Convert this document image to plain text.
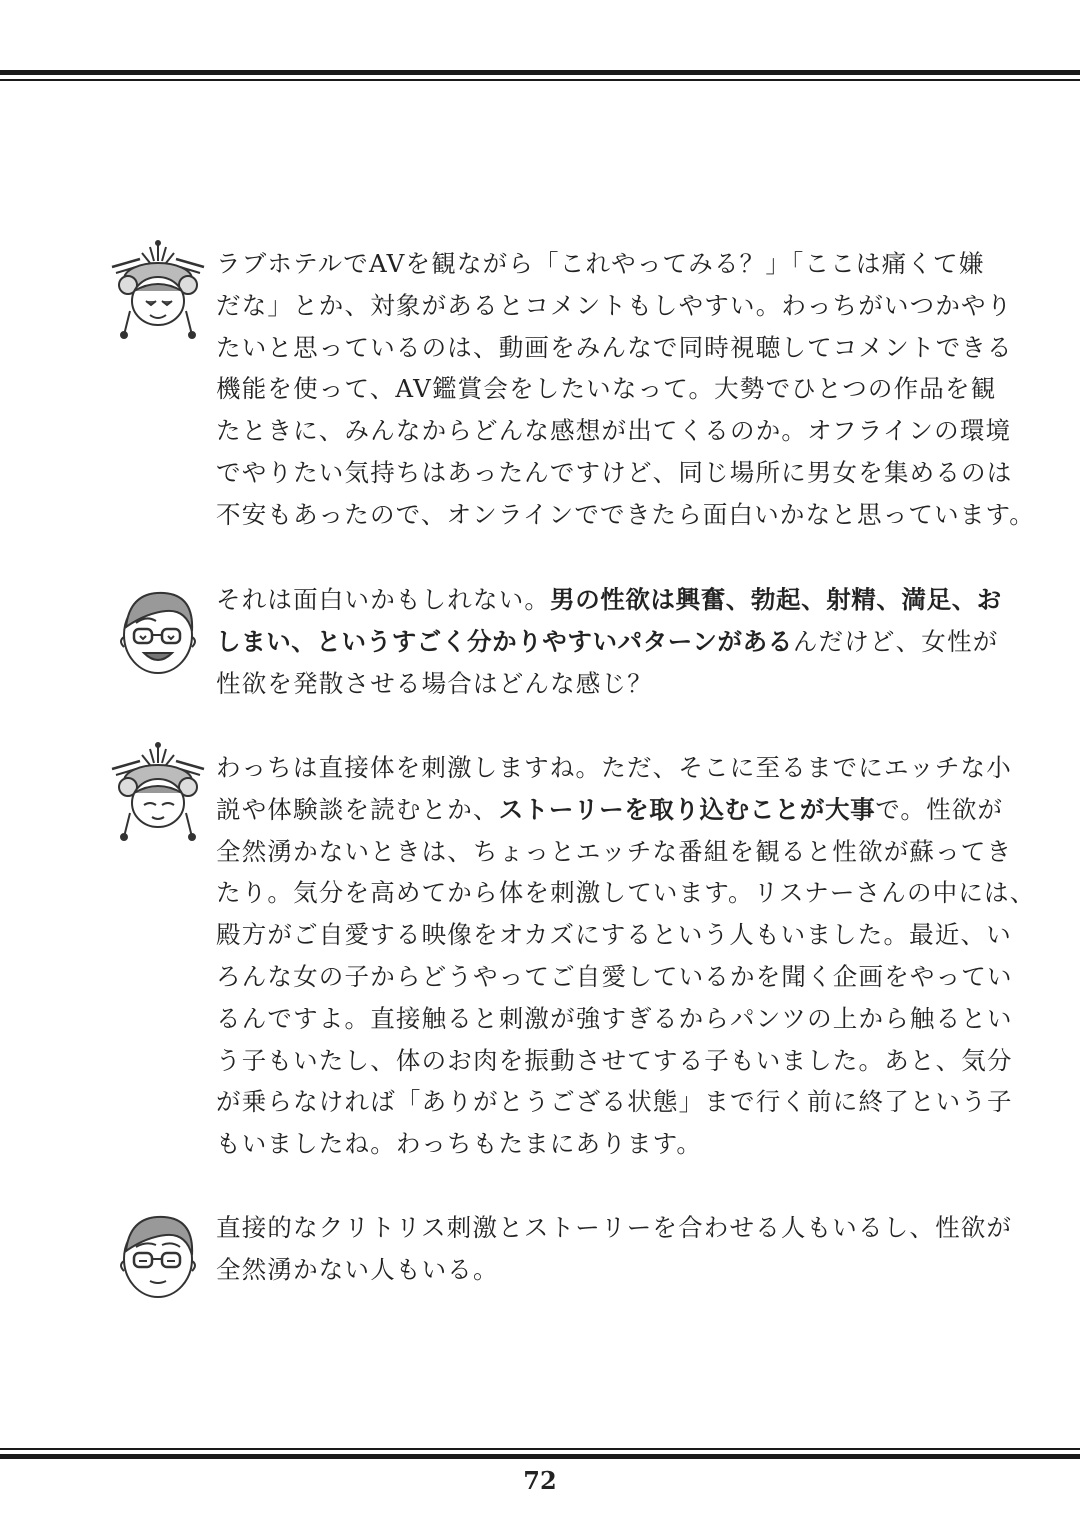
ラブホテルでAVを観ながら「これやってみる？」「ここは痛くて嫌
だな」とか、対象があるとコメントもしやすい。わっちがいつかやり
たいと思っているのは、動画をみんなで同時視聴してコメントできる
機能を使って、AV鑑賞会をしたいなって。大勢でひとつの作品を観
たときに、みんなからどんな感想が出てくるのか。オフラインの環境
でやりたい気持ちはあったんですけど、同じ場所に男女を集めるのは
不安もあったので、オンラインでできたら面白いかなと思っています。
それは面白いかもしれない。男の性欲は興奮、勃起、射精、満足、お
しまい、というすごく分かりやすいパターンがあるんだけど、女性が
性欲を発散させる場合はどんな感じ？
わっちは直接体を刺激しますね。ただ、そこに至るまでにエッチな小
説や体験談を読むとか、ストーリーを取り込むことが大事で。性欲が
全然湧かないときは、ちょっとエッチな番組を観ると性欲が蘇ってき
たり。気分を高めてから体を刺激しています。リスナーさんの中には、
殿方がご自愛する映像をオカズにするという人もいました。最近、い
ろんな女の子からどうやってご自愛しているかを聞く企画をやってい
るんですよ。直接触ると刺激が強すぎるからパンツの上から触るとい
う子もいたし、体のお肉を振動させてする子もいました。あと、気分
が乗らなければ「ありがとうござる状態」まで行く前に終了という子
もいましたね。わっちもたまにあります。
直接的なクリトリス刺激とストーリーを合わせる人もいるし、性欲が
全然湧かない人もいる。
72
